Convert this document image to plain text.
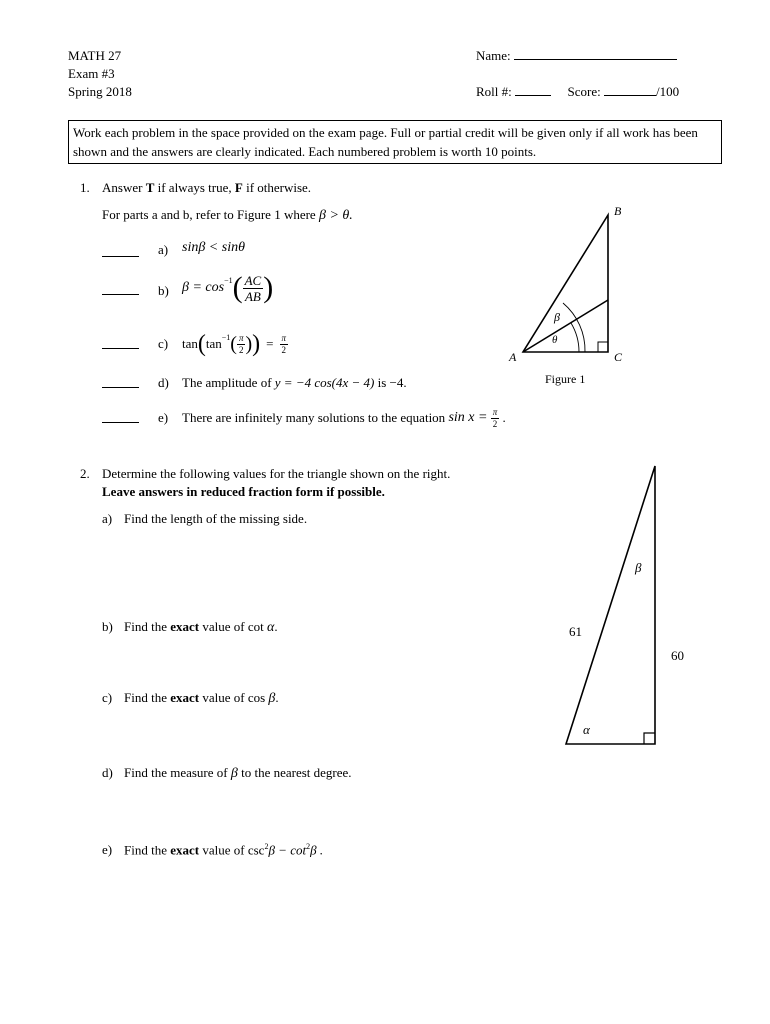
MATH 27
Exam #3
Spring 2018
Name:
Roll #:	Score:	/100
Work each problem in the space provided on the exam page. Full or partial credit will be given only if all work has been shown and the answers are clearly indicated. Each numbered problem is worth 10 points.
1. Answer T if always true, F if otherwise.
For parts a and b, refer to Figure 1 where β > θ.
a) sinβ < sinθ
b) $\beta = \cos^{-1}$ ( $\frac{AC}{AB}$ )
c) tan ( $\tan^{-1}$ ( $\frac{\pi}{2}$ ) ) = $\frac{\pi}{2}$
d) The amplitude of y = −4 cos(4x − 4) is −4.
e) There are infinitely many solutions to the equation
sin x =
$\frac{\pi}{2}$
.
B
A	C
β
θ
Figure 1
2. Determine the following values for the triangle shown on the right.
Leave answers in reduced fraction form if possible.
a) Find the length of the missing side.
b) Find the exact value of cot α.
c) Find the exact value of cos β.
d) Find the measure of β to the nearest degree.
e) Find the exact value of $\csc^2\beta - \cot^2\beta$ .
β
61
60
α
